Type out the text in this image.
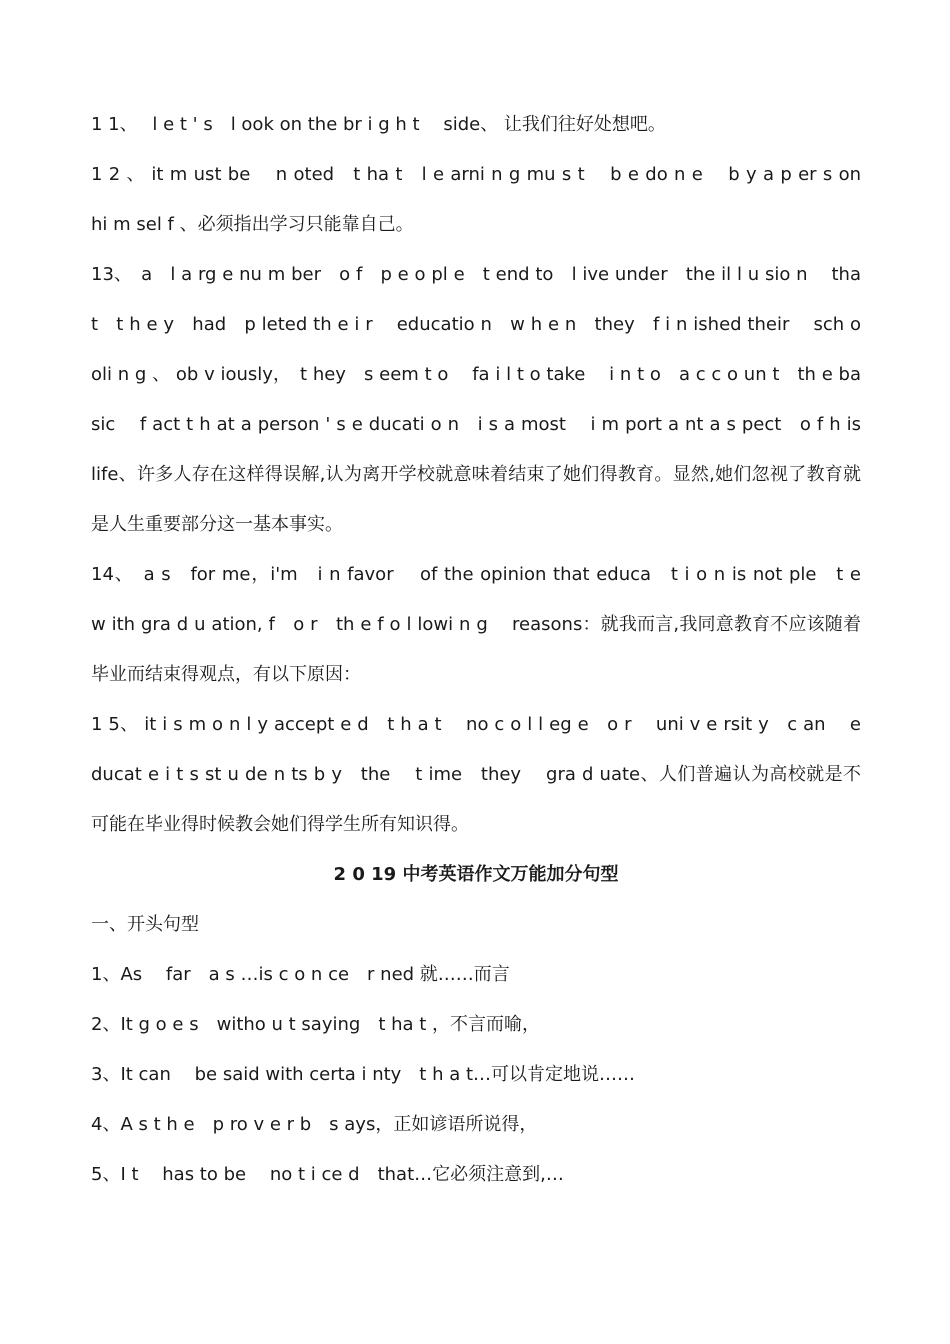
1 1、　 l e t ' s　l ook on the br i g h t　 side、 让我们往好处想吧。

1 2 、 it m ust be　 n oted　t ha t　l e arni n g mu s t　 b e do n e　 b y a p er s on　 hi m sel f 、必须指出学习只能靠自己。

13、　a　l a rg e nu m ber　o f　p e o pl e　t end to　l ive under　the il l u sio n　 that　t h e y　had　p leted th e i r　 educatio n　w h e n　they　f i n ished their　 sch o oli n g 、 ob v iously，　t hey　s eem t o　 fa i l t o take　 i n t o　a c c o un t　th e basic　 f act t h at a person ' s e ducati o n　i s a most　 i m port a nt a s pect　o f h is　life、许多人存在这样得误解,认为离开学校就意味着结束了她们得教育。显然,她们忽视了教育就是人生重要部分这一基本事实。

14、　a s　for me，i'm　i n favor　 of the opinion that educa　t i o n is not ple　t e　w ith gra d u ation, f　o r　th e f o l lowi n g　 reasons：就我而言,我同意教育不应该随着毕业而结束得观点，有以下原因：

1 5、 it i s m o n l y accept e d　t h a t　 no c o l l eg e　o r　 uni v e rsit y　c an　 e ducat e i t s st u de n ts b y　the　 t ime　they　 gra d uate、人们普遍认为高校就是不可能在毕业得时候教会她们得学生所有知识得。

2 0 19 中考英语作文万能加分句型

一、开头句型

1、As　 far　a s …is c o n ce　r ned 就……而言

2、It g o e s　witho u t saying　t ha t ，不言而喻，

3、It can　 be said with certa i nty　t h a t…可以肯定地说……

4、A s t h e　p ro v e r b　s ays，正如谚语所说得，

5、I t　 has to be　 no t i ce d　that…它必须注意到,…
